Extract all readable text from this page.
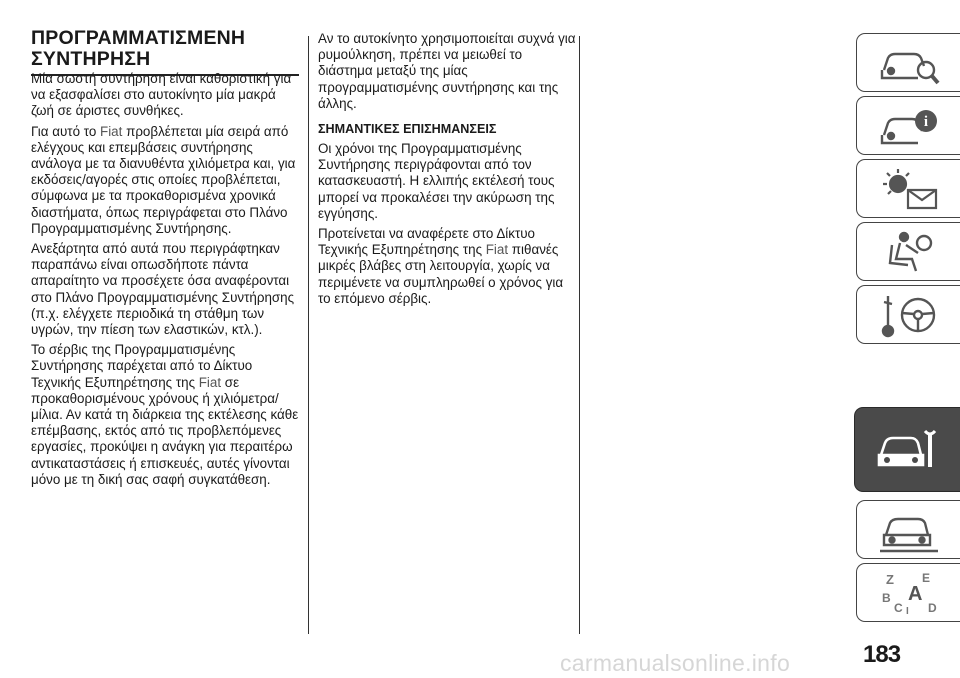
ΠΡΟΓΡΑΜΜΑΤΙΣΜΕΝΗ
ΣΥΝΤΗΡΗΣΗ

Μία σωστή συντήρηση είναι καθοριστική για να εξασφαλίσει στο αυτοκίνητο μία μακρά ζωή σε άριστες συνθήκες.

Για αυτό το Fiat προβλέπεται μία σειρά από ελέγχους και επεμβάσεις συντήρησης ανάλογα με τα διανυθέντα χιλιόμετρα και, για εκδόσεις/αγορές στις οποίες προβλέπεται, σύμφωνα με τα προκαθορισμένα χρονικά διαστήματα, όπως περιγράφεται στο Πλάνο Προγραμματισμένης Συντήρησης.

Ανεξάρτητα από αυτά που περιγράφτηκαν παραπάνω είναι οπωσδήποτε πάντα απαραίτητο να προσέχετε όσα αναφέρονται στο Πλάνο Προγραμματισμένης Συντήρησης (π.χ. ελέγχετε περιοδικά τη στάθμη των υγρών, την πίεση των ελαστικών, κτλ.).

Το σέρβις της Προγραμματισμένης Συντήρησης παρέχεται από το Δίκτυο Τεχνικής Εξυπηρέτησης της Fiat σε προκαθορισμένους χρόνους ή χιλιόμετρα/μίλια. Αν κατά τη διάρκεια της εκτέλεσης κάθε επέμβασης, εκτός από τις προβλεπόμενες εργασίες, προκύψει η ανάγκη για περαιτέρω αντικαταστάσεις ή επισκευές, αυτές γίνονται μόνο με τη δική σας σαφή συγκατάθεση.

Αν το αυτοκίνητο χρησιμοποιείται συχνά για ρυμούλκηση, πρέπει να μειωθεί το διάστημα μεταξύ της μίας προγραμματισμένης συντήρησης και της άλλης.

ΣΗΜΑΝΤΙΚΕΣ ΕΠΙΣΗΜΑΝΣΕΙΣ

Οι χρόνοι της Προγραμματισμένης Συντήρησης περιγράφονται από τον κατασκευαστή. Η ελλιπής εκτέλεσή τους μπορεί να προκαλέσει την ακύρωση της εγγύησης.

Προτείνεται να αναφέρετε στο Δίκτυο Τεχνικής Εξυπηρέτησης της Fiat πιθανές μικρές βλάβες στη λειτουργία, χωρίς να περιμένετε να συμπληρωθεί ο χρόνος για το επόμενο σέρβις.

i
Z E
B A
C D
I
183
carmanualsonline.info
